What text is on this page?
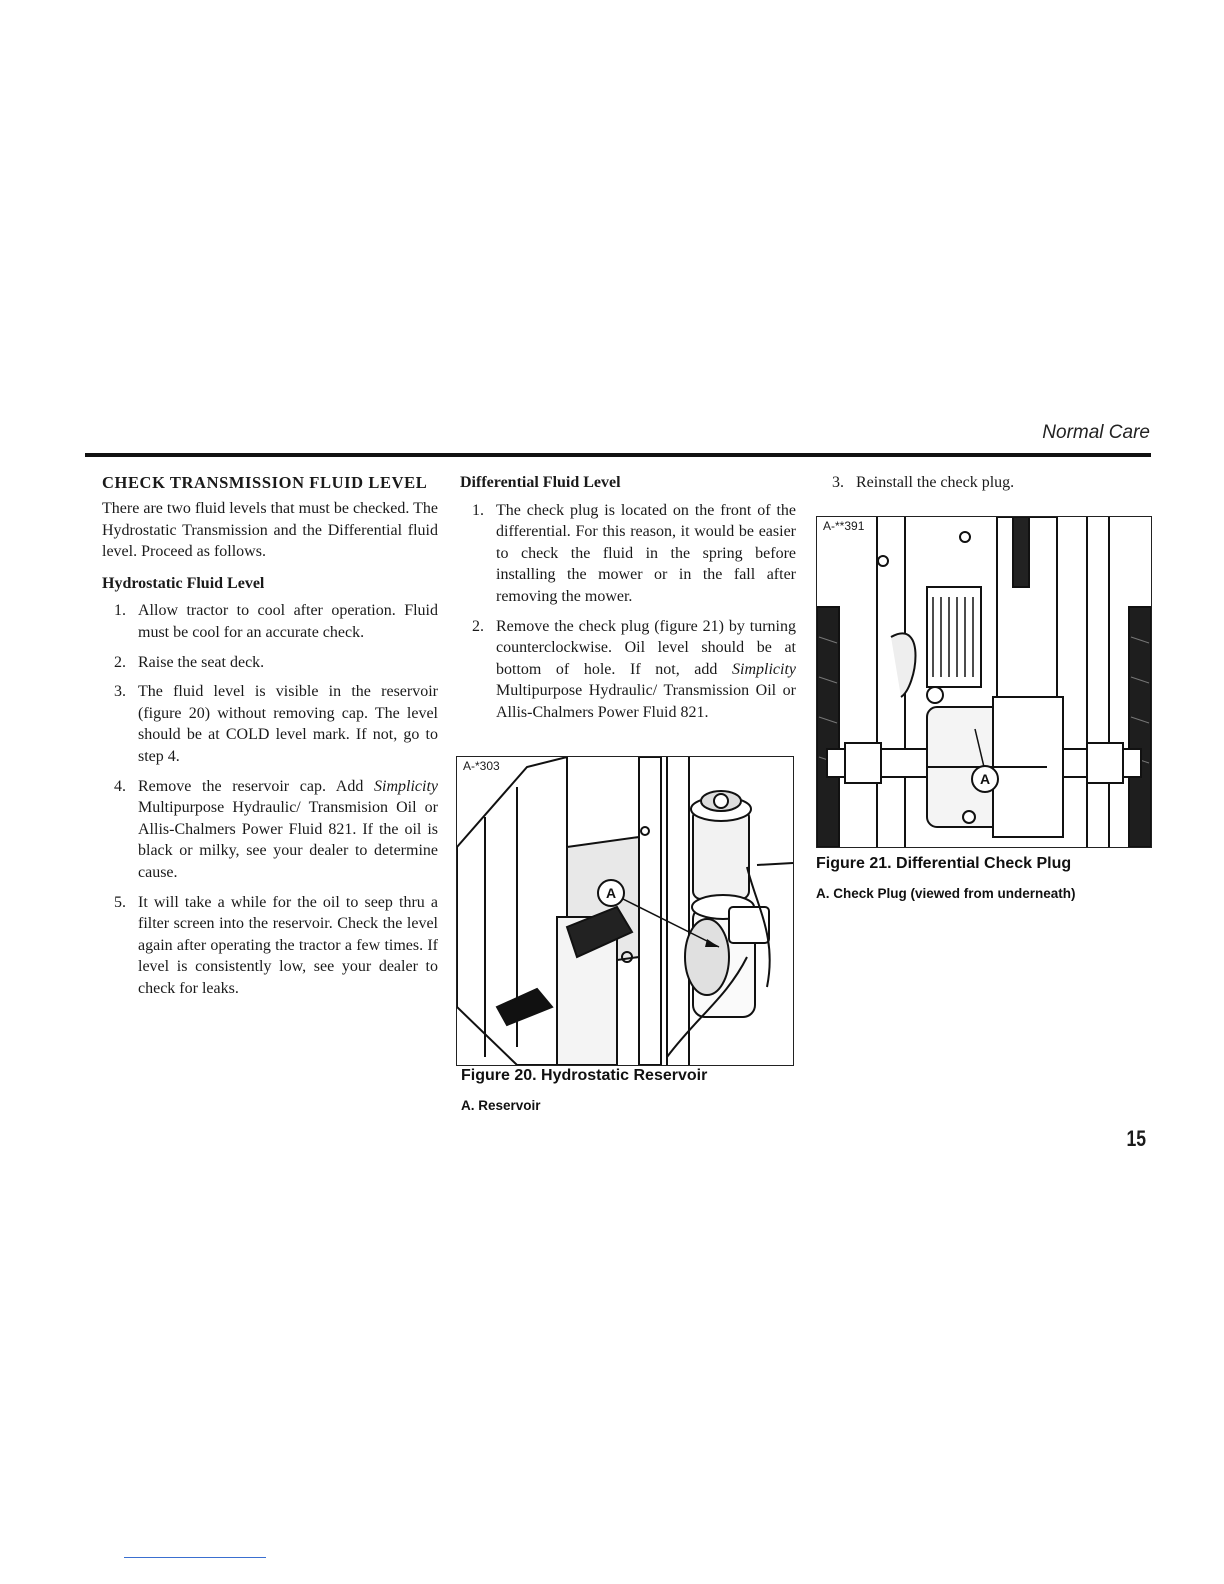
Normal Care
CHECK TRANSMISSION FLUID LEVEL

There are two fluid levels that must be checked. The Hydrostatic Transmission and the Differential fluid level. Proceed as follows.

Hydrostatic Fluid Level
1. Allow tractor to cool after operation. Fluid must be cool for an accurate check.
2. Raise the seat deck.
3. The fluid level is visible in the reservoir (figure 20) without removing cap. The level should be at COLD level mark. If not, go to step 4.
4. Remove the reservoir cap. Add Simplicity Multipurpose Hydraulic/ Transmision Oil or Allis-Chalmers Power Fluid 821. If the oil is black or milky, see your dealer to determine cause.
5. It will take a while for the oil to seep thru a filter screen into the reservoir. Check the level again after operating the tractor a few times. If level is consistently low, see your dealer to check for leaks.
Differential Fluid Level
1. The check plug is located on the front of the differential. For this reason, it would be easier to check the fluid in the spring before installing the mower or in the fall after removing the mower.
2. Remove the check plug (figure 21) by turning counterclockwise. Oil level should be at bottom of hole. If not, add Simplicity Multipurpose Hydraulic/ Transmission Oil or Allis-Chalmers Power Fluid 821.
3. Reinstall the check plug.
A
A-*303
Figure 20. Hydrostatic Reservoir
A. Reservoir
A
A-**391
Figure 21. Differential Check Plug
A. Check Plug (viewed from underneath)
15
